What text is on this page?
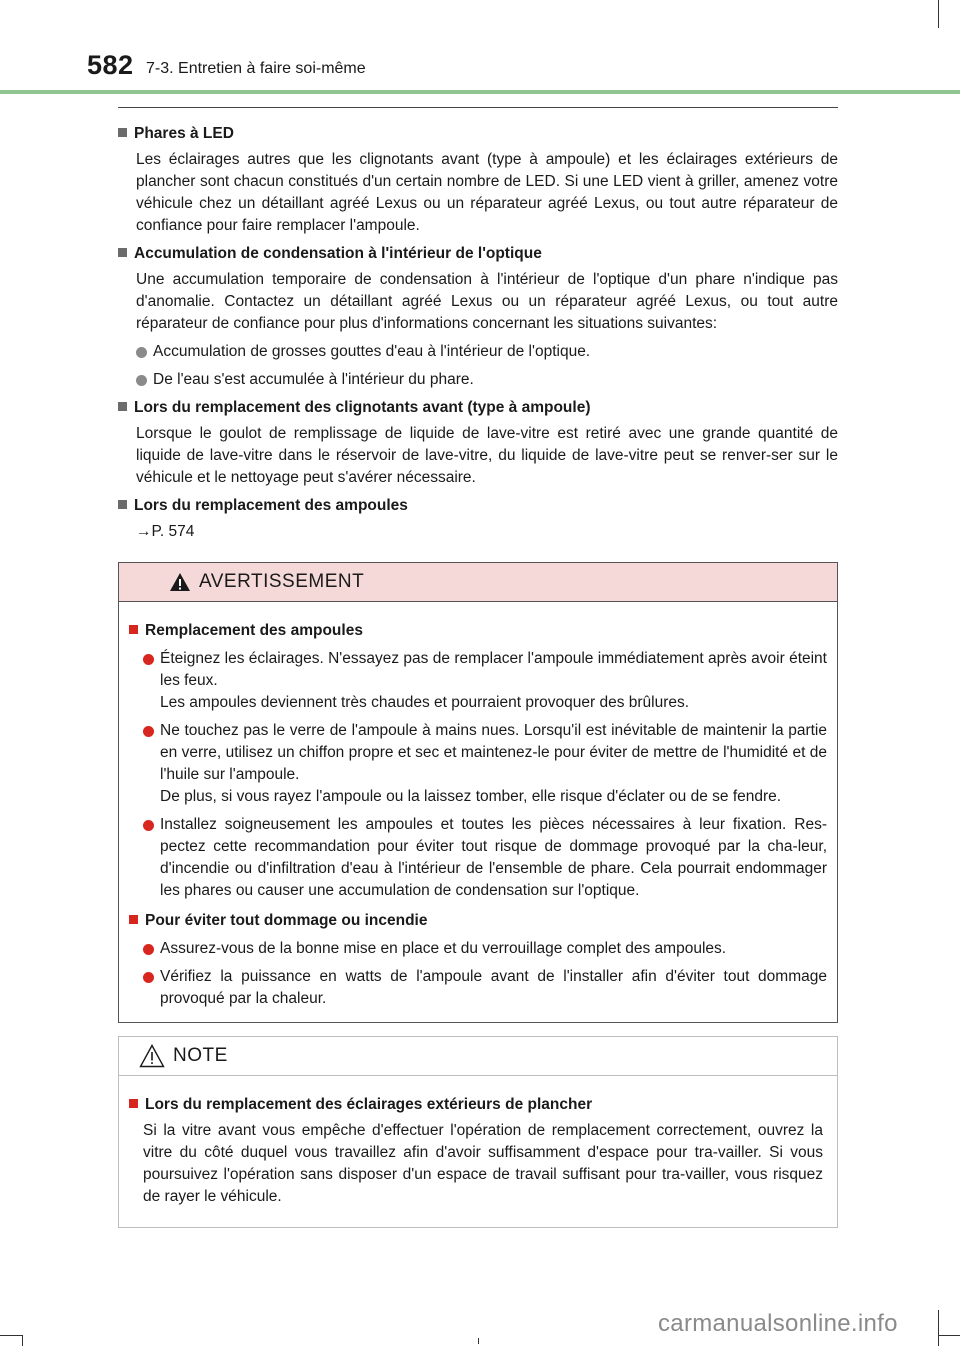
582 7-3. Entretien à faire soi-même
Phares à LED

Les éclairages autres que les clignotants avant (type à ampoule) et les éclairages extérieurs de plancher sont chacun constitués d'un certain nombre de LED. Si une LED vient à griller, amenez votre véhicule chez un détaillant agréé Lexus ou un réparateur agréé Lexus, ou tout autre réparateur de confiance pour faire remplacer l'ampoule.

Accumulation de condensation à l'intérieur de l'optique

Une accumulation temporaire de condensation à l'intérieur de l'optique d'un phare n'indique pas d'anomalie. Contactez un détaillant agréé Lexus ou un réparateur agréé Lexus, ou tout autre réparateur de confiance pour plus d'informations concernant les situations suivantes:

Accumulation de grosses gouttes d'eau à l'intérieur de l'optique.
De l'eau s'est accumulée à l'intérieur du phare.
Lors du remplacement des clignotants avant (type à ampoule)

Lorsque le goulot de remplissage de liquide de lave-vitre est retiré avec une grande quantité de liquide de lave-vitre dans le réservoir de lave-vitre, du liquide de lave-vitre peut se renver-ser sur le véhicule et le nettoyage peut s'avérer nécessaire.

Lors du remplacement des ampoules
→P. 574
AVERTISSEMENT
Remplacement des ampoules
Éteignez les éclairages. N'essayez pas de remplacer l'ampoule immédiatement après avoir éteint les feux.
Les ampoules deviennent très chaudes et pourraient provoquer des brûlures.
Ne touchez pas le verre de l'ampoule à mains nues. Lorsqu'il est inévitable de maintenir la partie en verre, utilisez un chiffon propre et sec et maintenez-le pour éviter de mettre de l'humidité et de l'huile sur l'ampoule.
De plus, si vous rayez l'ampoule ou la laissez tomber, elle risque d'éclater ou de se fendre.
Installez soigneusement les ampoules et toutes les pièces nécessaires à leur fixation. Res-pectez cette recommandation pour éviter tout risque de dommage provoqué par la cha-leur, d'incendie ou d'infiltration d'eau à l'intérieur de l'ensemble de phare. Cela pourrait endommager les phares ou causer une accumulation de condensation sur l'optique.
Pour éviter tout dommage ou incendie
Assurez-vous de la bonne mise en place et du verrouillage complet des ampoules.
Vérifiez la puissance en watts de l'ampoule avant de l'installer afin d'éviter tout dommage provoqué par la chaleur.
NOTE
Lors du remplacement des éclairages extérieurs de plancher

Si la vitre avant vous empêche d'effectuer l'opération de remplacement correctement, ouvrez la vitre du côté duquel vous travaillez afin d'avoir suffisamment d'espace pour tra-vailler. Si vous poursuivez l'opération sans disposer d'un espace de travail suffisant pour tra-vailler, vous risquez de rayer le véhicule.

carmanualsonline.info
